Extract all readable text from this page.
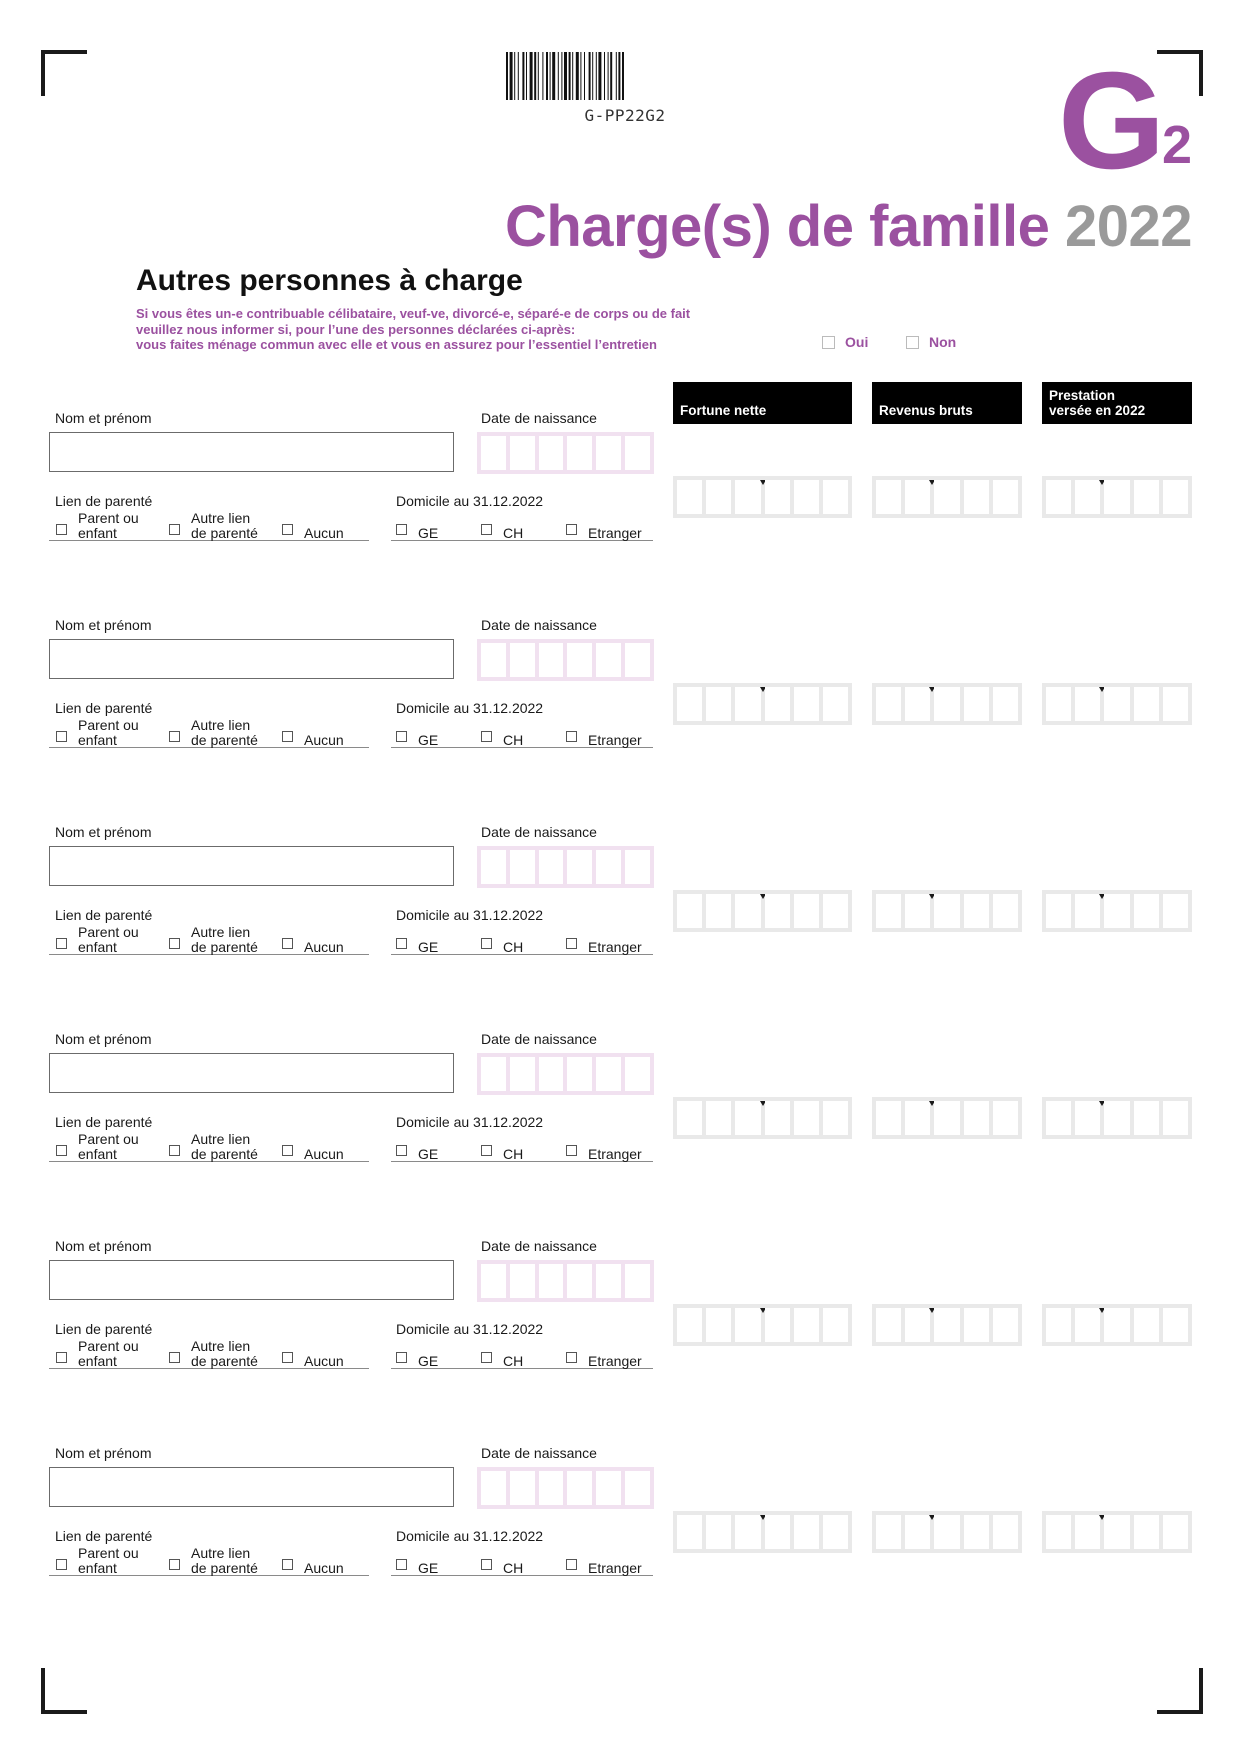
G-PP22G2	G 2
Charge(s) de famille 2022
Autres personnes à charge
Si vous êtes un-e contribuable célibataire, veuf-ve, divorcé-e, séparé-e de corps ou de fait
veuillez nous informer si, pour l’une des personnes déclarées ci-après:
vous faites ménage commun avec elle et vous en assurez pour l’essentiel l’entretien	Oui	Non
Fortune nette	Revenus bruts
Prestation
versée en 2022
Nom et prénom	Date de naissance
Lien de parenté	Domicile au 31.12.2022
Parent ou
enfant
Autre lien
de parenté	Aucun	GE	CH	Etranger
Nom et prénom	Date de naissance
Lien de parenté	Domicile au 31.12.2022
Parent ou
enfant
Autre lien
de parenté	Aucun	GE	CH	Etranger
Nom et prénom	Date de naissance
Lien de parenté	Domicile au 31.12.2022
Parent ou
enfant
Autre lien
de parenté	Aucun	GE	CH	Etranger
Nom et prénom	Date de naissance
Lien de parenté	Domicile au 31.12.2022
Parent ou
enfant
Autre lien
de parenté	Aucun	GE	CH	Etranger
Nom et prénom	Date de naissance
Lien de parenté	Domicile au 31.12.2022
Parent ou
enfant
Autre lien
de parenté	Aucun	GE	CH	Etranger
Nom et prénom	Date de naissance
Lien de parenté	Domicile au 31.12.2022
Parent ou
enfant
Autre lien
de parenté	Aucun	GE	CH	Etranger
